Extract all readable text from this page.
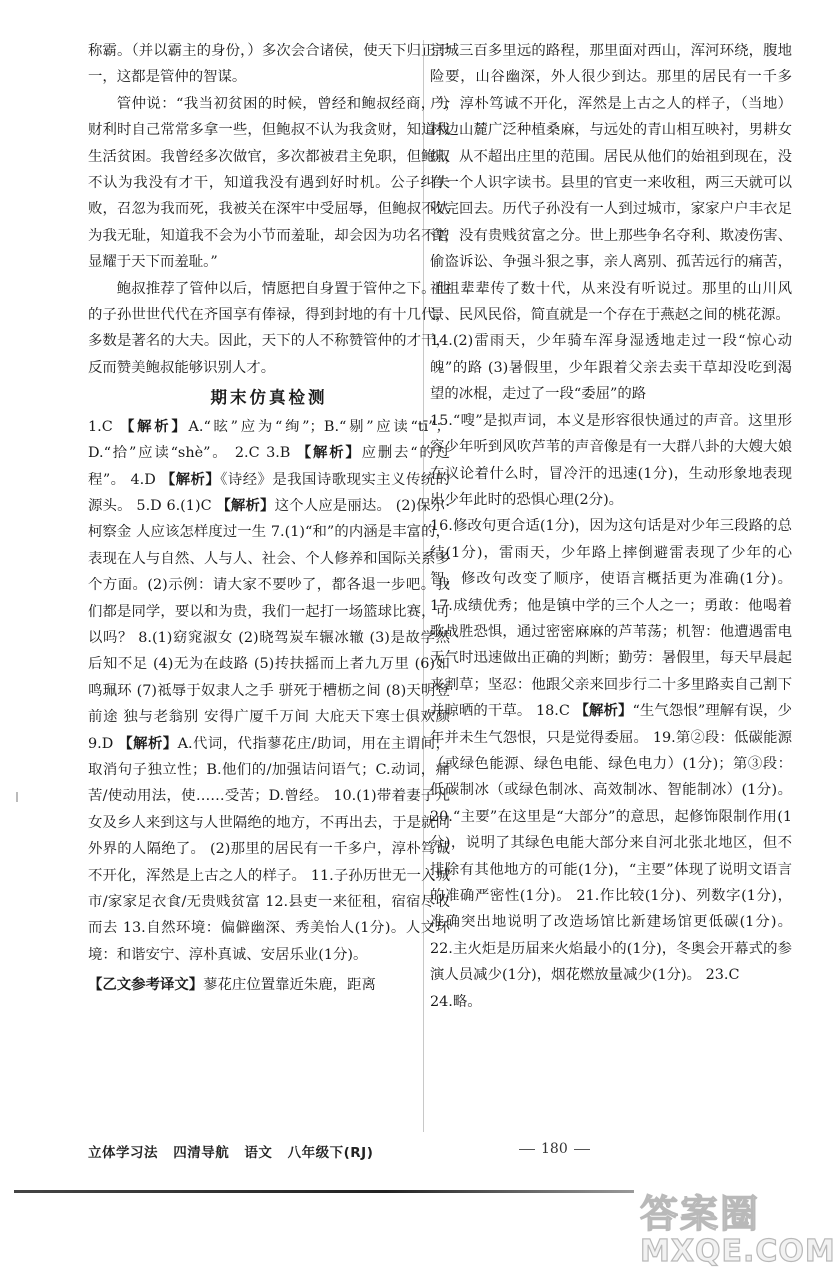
称霸。（并以霸主的身份，）多次会合诸侯，使天下归正于一，这都是管仲的智谋。

管仲说：“我当初贫困的时候，曾经和鲍叔经商，分财利时自己常常多拿一些，但鲍叔不认为我贪财，知道我生活贫困。我曾经多次做官，多次都被君主免职，但鲍叔不认为我没有才干，知道我没有遇到好时机。公子纠失败，召忽为我而死，我被关在深牢中受屈辱，但鲍叔不认为我无耻，知道我不会为小节而羞耻，却会因为功名不曾显耀于天下而羞耻。”

鲍叔推荐了管仲以后，情愿把自身置于管仲之下。他的子孙世世代代在齐国享有俸禄，得到封地的有十几代，多数是著名的大夫。因此，天下的人不称赞管仲的才干，反而赞美鲍叔能够识别人才。

期末仿真检测

1.C 【解析】A.“眩”应为“绚”；B.“剔”应读“tī”；D.“拾”应读“shè”。 2.C 3.B 【解析】应删去“的过程”。 4.D 【解析】《诗经》是我国诗歌现实主义传统的源头。 5.D 6.(1)C 【解析】这个人应是丽达。 (2)保尔·柯察金 人应该怎样度过一生 7.(1)“和”的内涵是丰富的，表现在人与自然、人与人、社会、个人修养和国际关系多个方面。(2)示例：请大家不要吵了，都各退一步吧。我们都是同学，要以和为贵，我们一起打一场篮球比赛，可以吗？ 8.(1)窈窕淑女 (2)晓驾炭车辗冰辙 (3)是故学然后知不足 (4)无为在歧路 (5)抟扶摇而上者九万里 (6)如鸣珮环 (7)祗辱于奴隶人之手 骈死于槽枥之间 (8)天明登前途 独与老翁别 安得广厦千万间 大庇天下寒士俱欢颜 9.D 【解析】A.代词，代指蓼花庄/助词，用在主谓间，取消句子独立性；B.他们的/加强诘问语气；C.动词，痛苦/使动用法，使……受苦；D.曾经。 10.(1)带着妻子儿女及乡人来到这与人世隔绝的地方，不再出去，于是就同外界的人隔绝了。 (2)那里的居民有一千多户，淳朴笃诚不开化，浑然是上古之人的样子。 11.子孙历世无一入城市/家家足衣食/无贵贱贫富 12.县吏一来征租，宿宿尽收而去 13.自然环境：偏僻幽深、秀美怡人(1分)。人文环境：和谐安宁、淳朴真诚、安居乐业(1分)。

【乙文参考译文】蓼花庄位置靠近朱鹿，距离

京城三百多里远的路程，那里面对西山，浑河环绕，腹地险要，山谷幽深，外人很少到达。那里的居民有一千多户，淳朴笃诚不开化，浑然是上古之人的样子，（当地）林边山麓广泛种植桑麻，与远处的青山相互映衬，男耕女织，从不超出庄里的范围。居民从他们的始祖到现在，没有一个人识字读书。县里的官吏一来收租，两三天就可以收完回去。历代子孙没有一人到过城市，家家户户丰衣足食，没有贵贱贫富之分。世上那些争名夺利、欺凌伤害、偷盗诉讼、争强斗狠之事，亲人离别、孤苦远行的痛苦，祖祖辈辈传了数十代，从来没有听说过。那里的山川风景、民风民俗，简直就是一个存在于燕赵之间的桃花源。

14.(2)雷雨天，少年骑车浑身湿透地走过一段“惊心动魄”的路 (3)暑假里，少年跟着父亲去卖干草却没吃到渴望的冰棍，走过了一段“委屈”的路

15.“嗖”是拟声词，本义是形容很快通过的声音。这里形容少年听到风吹芦苇的声音像是有一大群八卦的大嫂大娘在议论着什么时，冒冷汗的迅速(1分)，生动形象地表现出少年此时的恐惧心理(2分)。

16.修改句更合适(1分)，因为这句话是对少年三段路的总结(1分)，雷雨天，少年路上摔倒避雷表现了少年的心智，修改句改变了顺序，使语言概括更为准确(1分)。 17.成绩优秀；他是镇中学的三个人之一；勇敢：他喝着歌战胜恐惧，通过密密麻麻的芦苇荡；机智：他遭遇雷电天气时迅速做出正确的判断；勤劳：暑假里，每天早晨起来割草；坚忍：他跟父亲来回步行二十多里路卖自己割下并晾晒的干草。 18.C 【解析】“生气怨恨”理解有误，少年并未生气怨恨，只是觉得委屈。 19.第②段：低碳能源（或绿色能源、绿色电能、绿色电力）(1分)；第③段：低碳制冰（或绿色制冰、高效制冰、智能制冰）(1分)。 20.“主要”在这里是“大部分”的意思，起修饰限制作用(1分)，说明了其绿色电能大部分来自河北张北地区，但不排除有其他地方的可能(1分)，“主要”体现了说明文语言的准确严密性(1分)。 21.作比较(1分)、列数字(1分)，准确突出地说明了改造场馆比新建场馆更低碳(1分)。 22.主火炬是历届来火焰最小的(1分)，冬奥会开幕式的参演人员减少(1分)，烟花燃放量减少(1分)。 23.C

24.略。

立体学习法 四清导航 语文 八年级下(RJ)	180
答案圈
MXQE.COM
